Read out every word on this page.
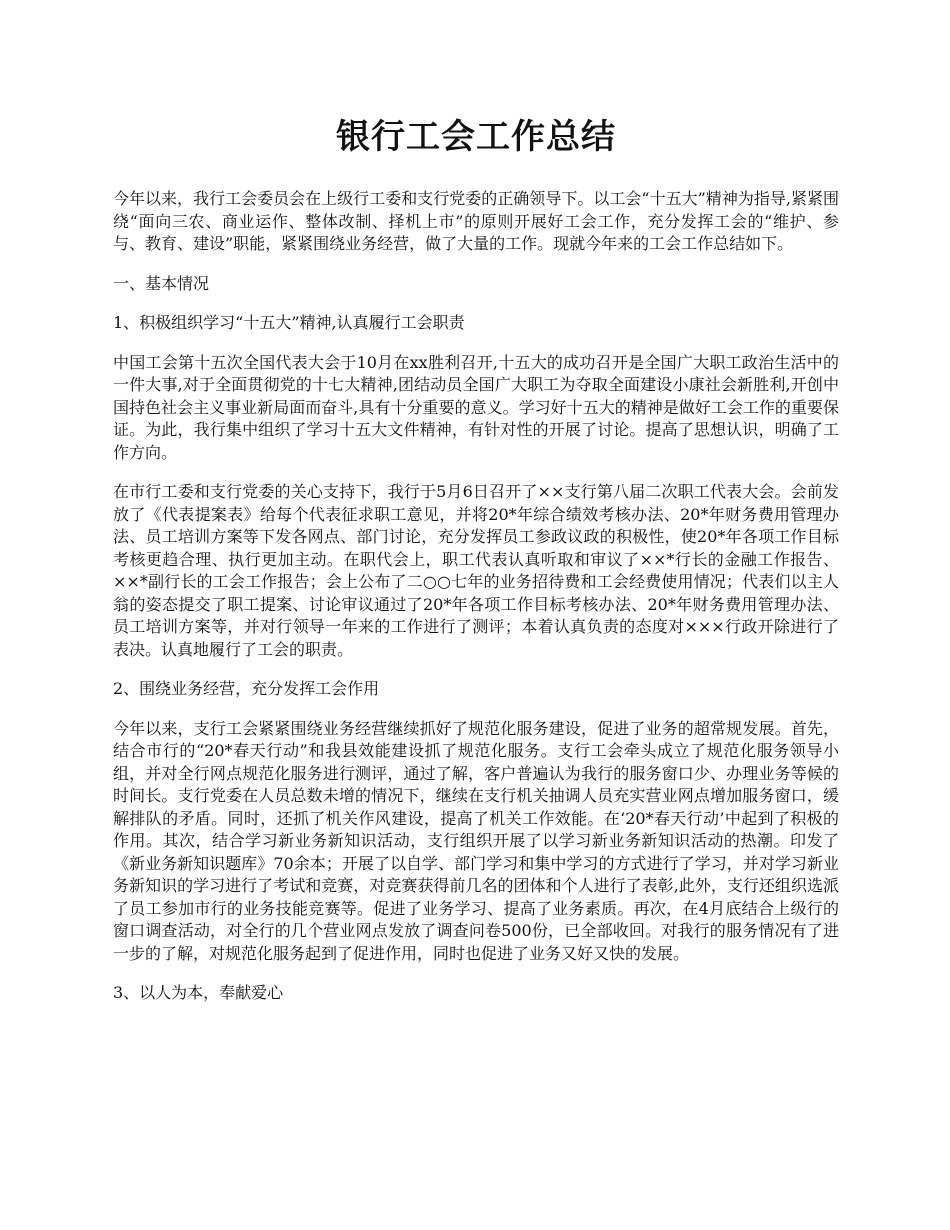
银行工会工作总结

今年以来，我行工会委员会在上级行工委和支行党委的正确领导下。以工会“十五大”精神为指导,紧紧围绕“面向三农、商业运作、整体改制、择机上市”的原则开展好工会工作，充分发挥工会的“维护、参与、教育、建设”职能，紧紧围绕业务经营，做了大量的工作。现就今年来的工会工作总结如下。

一、基本情况

1、积极组织学习“十五大”精神,认真履行工会职责

中国工会第十五次全国代表大会于10月在xx胜利召开,十五大的成功召开是全国广大职工政治生活中的一件大事,对于全面贯彻党的十七大精神,团结动员全国广大职工为夺取全面建设小康社会新胜利,开创中国持色社会主义事业新局面而奋斗,具有十分重要的意义。学习好十五大的精神是做好工会工作的重要保证。为此，我行集中组织了学习十五大文件精神，有针对性的开展了讨论。提高了思想认识，明确了工作方向。

在市行工委和支行党委的关心支持下，我行于5月6日召开了××支行第八届二次职工代表大会。会前发放了《代表提案表》给每个代表征求职工意见，并将20*年综合绩效考核办法、20*年财务费用管理办法、员工培训方案等下发各网点、部门讨论，充分发挥员工参政议政的积极性，使20*年各项工作目标考核更趋合理、执行更加主动。在职代会上，职工代表认真听取和审议了××*行长的金融工作报告、××*副行长的工会工作报告；会上公布了二○○七年的业务招待费和工会经费使用情况；代表们以主人翁的姿态提交了职工提案、讨论审议通过了20*年各项工作目标考核办法、20*年财务费用管理办法、员工培训方案等，并对行领导一年来的工作进行了测评；本着认真负责的态度对×××行政开除进行了表决。认真地履行了工会的职责。

2、围绕业务经营，充分发挥工会作用

今年以来，支行工会紧紧围绕业务经营继续抓好了规范化服务建设，促进了业务的超常规发展。首先，结合市行的“20*春天行动”和我县效能建设抓了规范化服务。支行工会牵头成立了规范化服务领导小组，并对全行网点规范化服务进行测评，通过了解，客户普遍认为我行的服务窗口少、办理业务等候的时间长。支行党委在人员总数未增的情况下，继续在支行机关抽调人员充实营业网点增加服务窗口，缓解排队的矛盾。同时，还抓了机关作风建设，提高了机关工作效能。在‘20*春天行动’中起到了积极的作用。其次，结合学习新业务新知识活动，支行组织开展了以学习新业务新知识活动的热潮。印发了《新业务新知识题库》70余本；开展了以自学、部门学习和集中学习的方式进行了学习，并对学习新业务新知识的学习进行了考试和竞赛，对竞赛获得前几名的团体和个人进行了表彰,此外，支行还组织选派了员工参加市行的业务技能竞赛等。促进了业务学习、提高了业务素质。再次，在4月底结合上级行的窗口调查活动，对全行的几个营业网点发放了调查问卷500份，已全部收回。对我行的服务情况有了进一步的了解，对规范化服务起到了促进作用，同时也促进了业务又好又快的发展。

3、以人为本，奉献爱心
